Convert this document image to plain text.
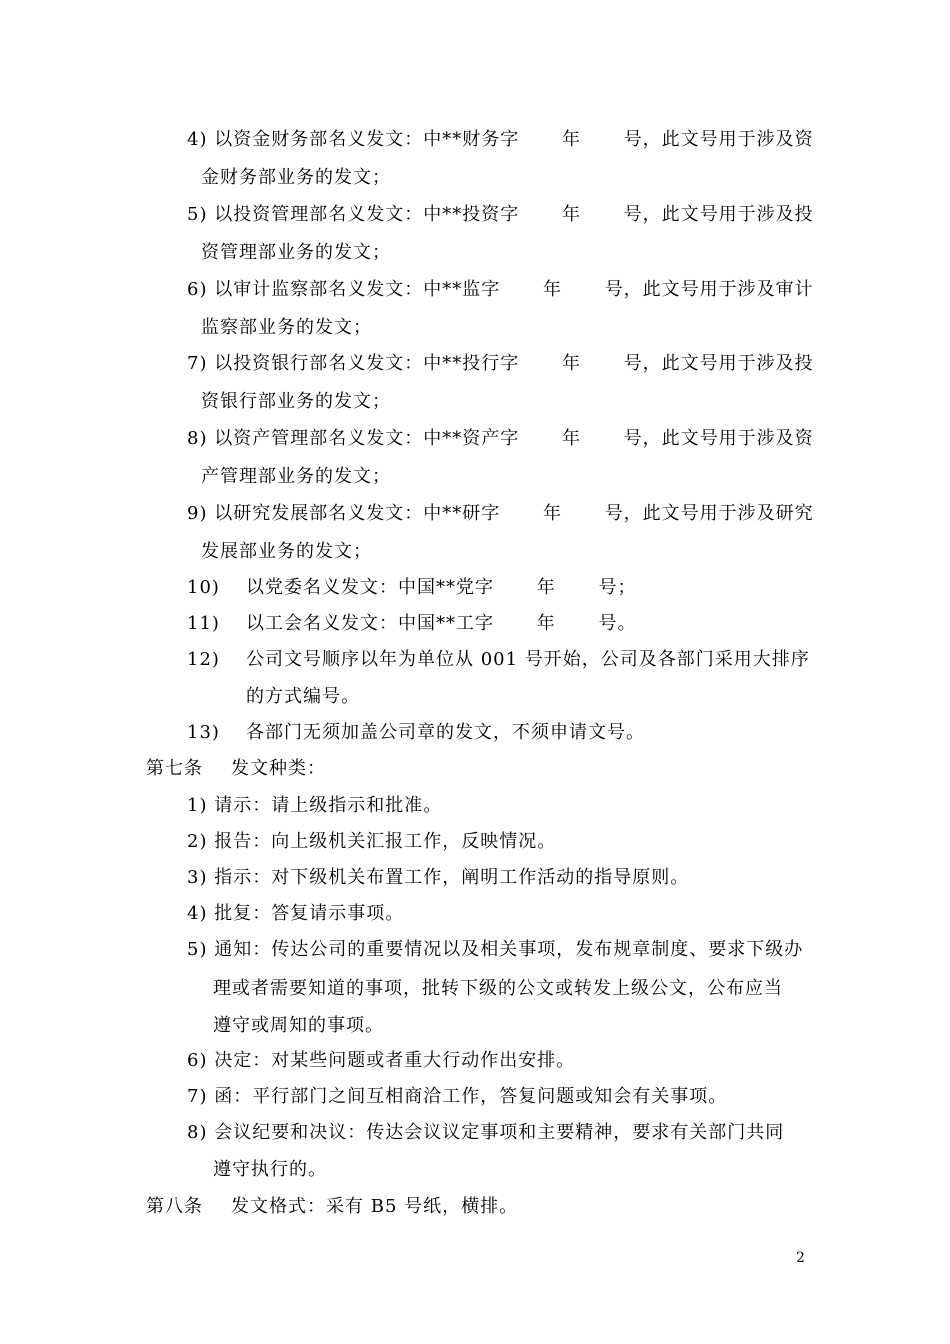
4) 以资金财务部名义发文：中**财务字 年 号，此文号用于涉及资
金财务部业务的发文；
5) 以投资管理部名义发文：中**投资字 年 号，此文号用于涉及投
资管理部业务的发文；
6) 以审计监察部名义发文：中**监字 年 号，此文号用于涉及审计
监察部业务的发文；
7) 以投资银行部名义发文：中**投行字 年 号，此文号用于涉及投
资银行部业务的发文；
8) 以资产管理部名义发文：中**资产字 年 号，此文号用于涉及资
产管理部业务的发文；
9) 以研究发展部名义发文：中**研字 年 号，此文号用于涉及研究
发展部业务的发文；
10) 以党委名义发文：中国**党字 年 号；
11) 以工会名义发文：中国**工字 年 号。
12) 公司文号顺序以年为单位从 001 号开始，公司及各部门采用大排序
的方式编号。
13) 各部门无须加盖公司章的发文，不须申请文号。
第七条 发文种类：
1) 请示：请上级指示和批准。
2) 报告：向上级机关汇报工作，反映情况。
3) 指示：对下级机关布置工作，阐明工作活动的指导原则。
4) 批复：答复请示事项。
5) 通知：传达公司的重要情况以及相关事项，发布规章制度、要求下级办
理或者需要知道的事项，批转下级的公文或转发上级公文，公布应当
遵守或周知的事项。
6) 决定：对某些问题或者重大行动作出安排。
7) 函：平行部门之间互相商洽工作，答复问题或知会有关事项。
8) 会议纪要和决议：传达会议议定事项和主要精神，要求有关部门共同
遵守执行的。
第八条 发文格式：采有 B5 号纸，横排。
2
